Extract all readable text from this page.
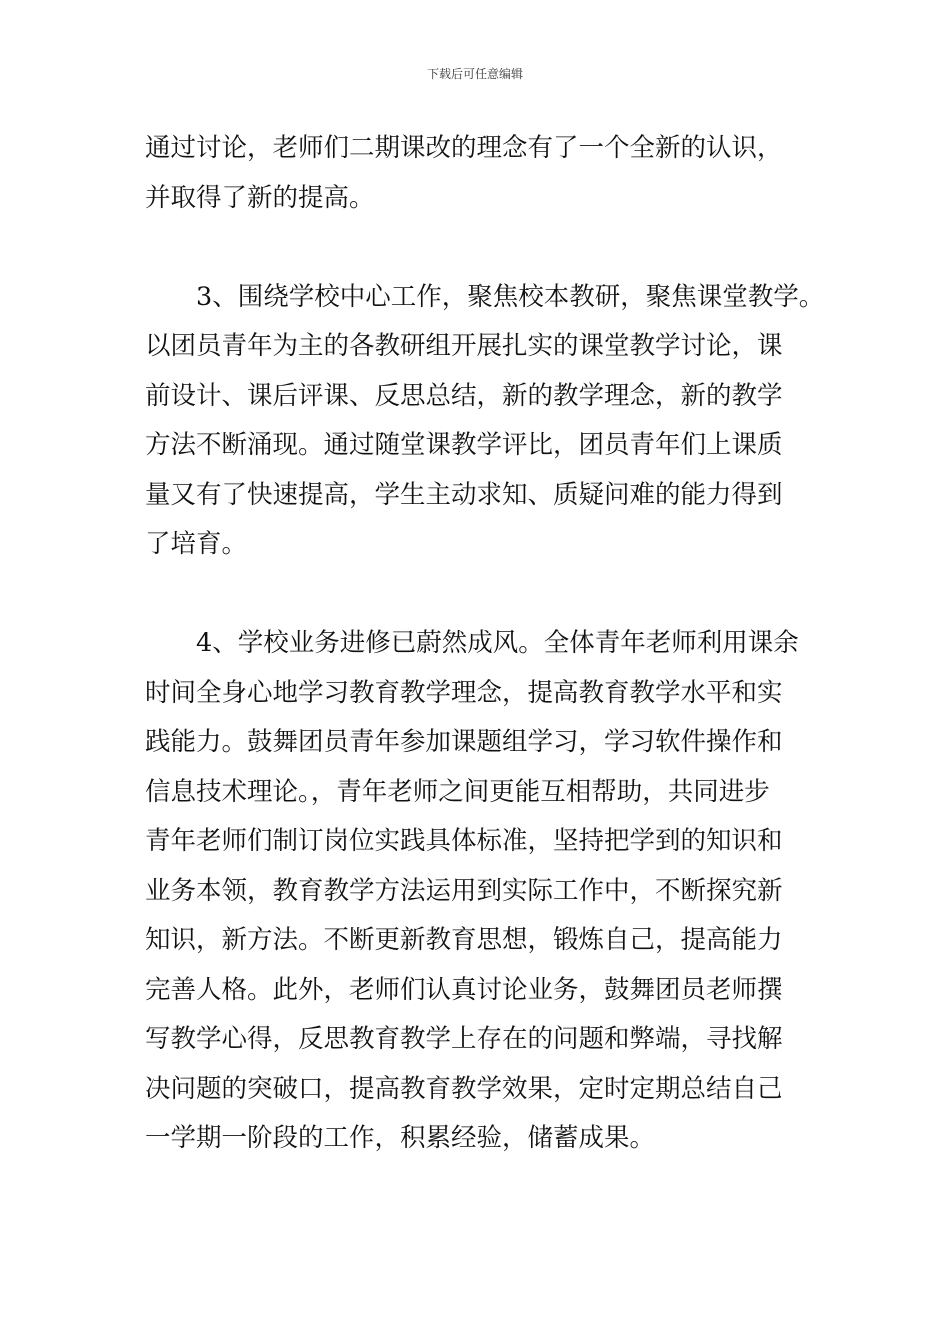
下载后可任意编辑
通过讨论，老师们二期课改的理念有了一个全新的认识，
并取得了新的提高。
3、围绕学校中心工作，聚焦校本教研，聚焦课堂教学。
以团员青年为主的各教研组开展扎实的课堂教学讨论，课
前设计、课后评课、反思总结，新的教学理念，新的教学
方法不断涌现。通过随堂课教学评比，团员青年们上课质
量又有了快速提高，学生主动求知、质疑问难的能力得到
了培育。
4、学校业务进修已蔚然成风。全体青年老师利用课余
时间全身心地学习教育教学理念，提高教育教学水平和实
践能力。鼓舞团员青年参加课题组学习，学习软件操作和
信息技术理论。，青年老师之间更能互相帮助，共同进步
青年老师们制订岗位实践具体标准，坚持把学到的知识和
业务本领，教育教学方法运用到实际工作中，不断探究新
知识，新方法。不断更新教育思想，锻炼自己，提高能力
完善人格。此外，老师们认真讨论业务，鼓舞团员老师撰
写教学心得，反思教育教学上存在的问题和弊端，寻找解
决问题的突破口，提高教育教学效果，定时定期总结自己
一学期一阶段的工作，积累经验，储蓄成果。
